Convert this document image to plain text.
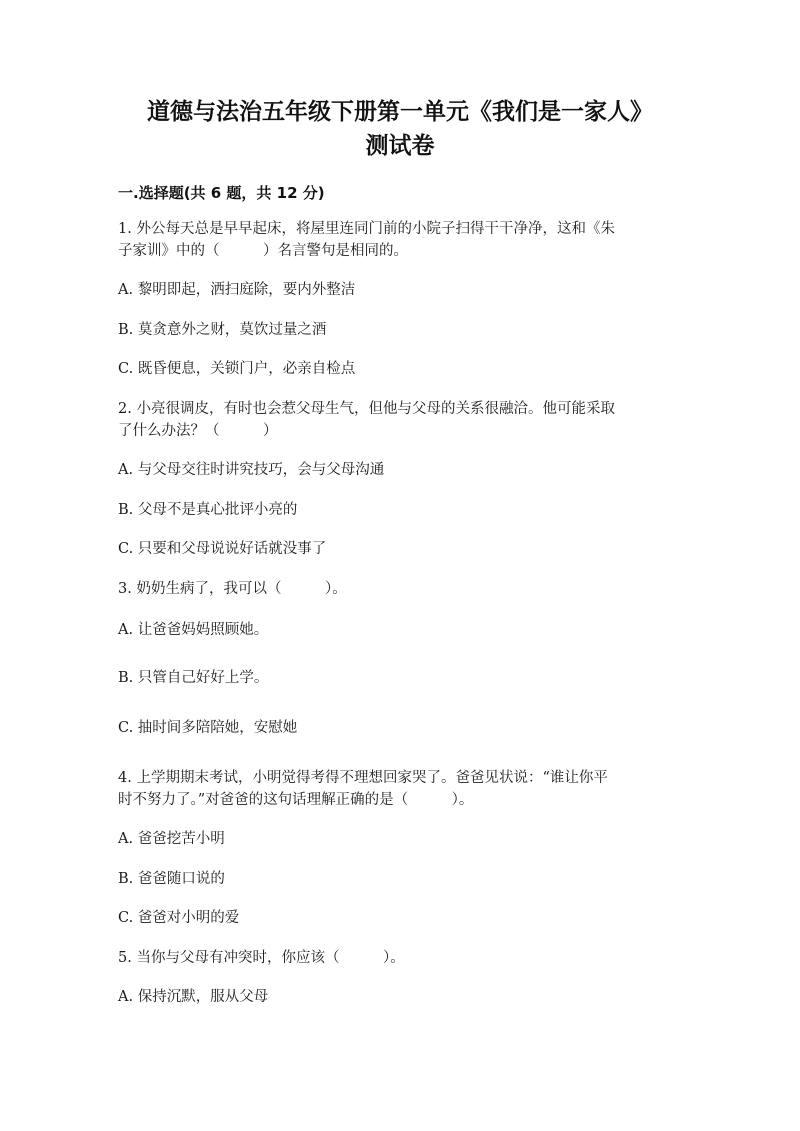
道德与法治五年级下册第一单元《我们是一家人》
测试卷
一.选择题(共 6 题，共 12 分)
1. 外公每天总是早早起床，将屋里连同门前的小院子扫得干干净净，这和《朱
子家训》中的（　　　）名言警句是相同的。
A. 黎明即起，洒扫庭除，要内外整洁
B. 莫贪意外之财，莫饮过量之酒
C. 既昏便息，关锁门户，必亲自检点
2. 小亮很调皮，有时也会惹父母生气，但他与父母的关系很融洽。他可能采取
了什么办法？（　　　）
A. 与父母交往时讲究技巧，会与父母沟通
B. 父母不是真心批评小亮的
C. 只要和父母说说好话就没事了
3. 奶奶生病了，我可以（　　　）。
A. 让爸爸妈妈照顾她。
B. 只管自己好好上学。
C. 抽时间多陪陪她，安慰她
4. 上学期期末考试，小明觉得考得不理想回家哭了。爸爸见状说：“谁让你平
时不努力了。”对爸爸的这句话理解正确的是（　　　）。
A. 爸爸挖苦小明
B. 爸爸随口说的
C. 爸爸对小明的爱
5. 当你与父母有冲突时，你应该（　　　）。
A. 保持沉默，服从父母
